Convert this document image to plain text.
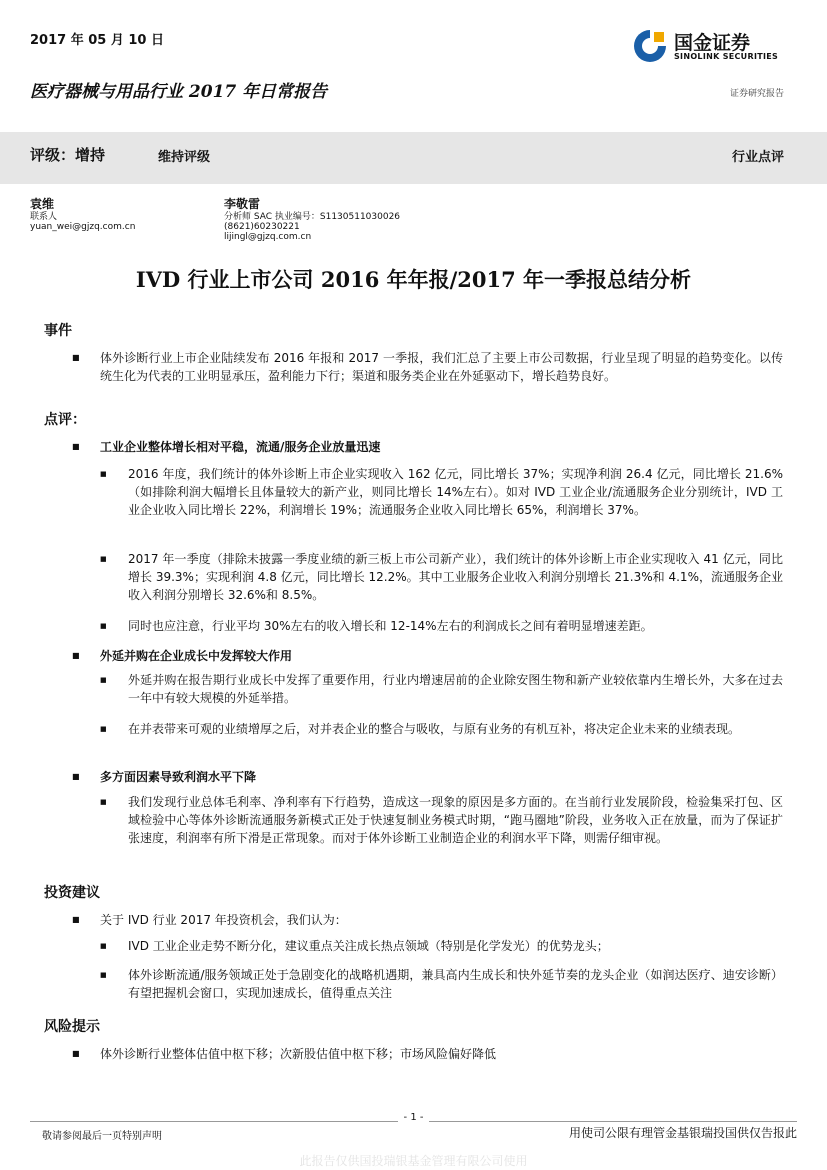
2017 年 05 月 10 日
医疗器械与用品行业 2017 年日常报告
国金证券
SINOLINK SECURITIES
证券研究报告
评级：增持	维持评级	行业点评
袁维
联系人
yuan_wei@gjzq.com.cn
李敬雷
分析师 SAC 执业编号：S1130511030026
(8621)60230221
lijingl@gjzq.com.cn
IVD 行业上市公司 2016 年年报/2017 年一季报总结分析
事件
■ 体外诊断行业上市企业陆续发布 2016 年报和 2017 一季报，我们汇总了主要上市公司数据，行业呈现了明显的趋势变化。以传统生化为代表的工业明显承压，盈利能力下行；渠道和服务类企业在外延驱动下，增长趋势良好。
点评：
■ 工业企业整体增长相对平稳，流通/服务企业放量迅速
■ 2016 年度，我们统计的体外诊断上市企业实现收入 162 亿元，同比增长 37%；实现净利润 26.4 亿元，同比增长 21.6%（如排除利润大幅增长且体量较大的新产业，则同比增长 14%左右）。如对 IVD 工业企业/流通服务企业分别统计，IVD 工业企业收入同比增长 22%，利润增长 19%；流通服务企业收入同比增长 65%，利润增长 37%。
■ 2017 年一季度（排除未披露一季度业绩的新三板上市公司新产业），我们统计的体外诊断上市企业实现收入 41 亿元，同比增长 39.3%；实现利润 4.8 亿元，同比增长 12.2%。其中工业服务企业收入利润分别增长 21.3%和 4.1%，流通服务企业收入利润分别增长 32.6%和 8.5%。
■ 同时也应注意，行业平均 30%左右的收入增长和 12-14%左右的利润成长之间有着明显增速差距。
■ 外延并购在企业成长中发挥较大作用
■ 外延并购在报告期行业成长中发挥了重要作用，行业内增速居前的企业除安图生物和新产业较依靠内生增长外，大多在过去一年中有较大规模的外延举措。
■ 在并表带来可观的业绩增厚之后，对并表企业的整合与吸收，与原有业务的有机互补，将决定企业未来的业绩表现。
■ 多方面因素导致利润水平下降
■ 我们发现行业总体毛利率、净利率有下行趋势，造成这一现象的原因是多方面的。在当前行业发展阶段，检验集采打包、区域检验中心等体外诊断流通服务新模式正处于快速复制业务模式时期，“跑马圈地”阶段，业务收入正在放量，而为了保证扩张速度，利润率有所下滑是正常现象。而对于体外诊断工业制造企业的利润水平下降，则需仔细审视。
投资建议
■ 关于 IVD 行业 2017 年投资机会，我们认为：
■ IVD 工业企业走势不断分化，建议重点关注成长热点领域（特别是化学发光）的优势龙头；
■ 体外诊断流通/服务领域正处于急剧变化的战略机遇期，兼具高内生成长和快外延节奏的龙头企业（如润达医疗、迪安诊断）有望把握机会窗口，实现加速成长，值得重点关注
风险提示
■ 体外诊断行业整体估值中枢下移；次新股估值中枢下移；市场风险偏好降低
- 1 -
敬请参阅最后一页特别声明	用使司公限有理管金基银瑞投国供仅告报此
此报告仅供国投瑞银基金管理有限公司使用
